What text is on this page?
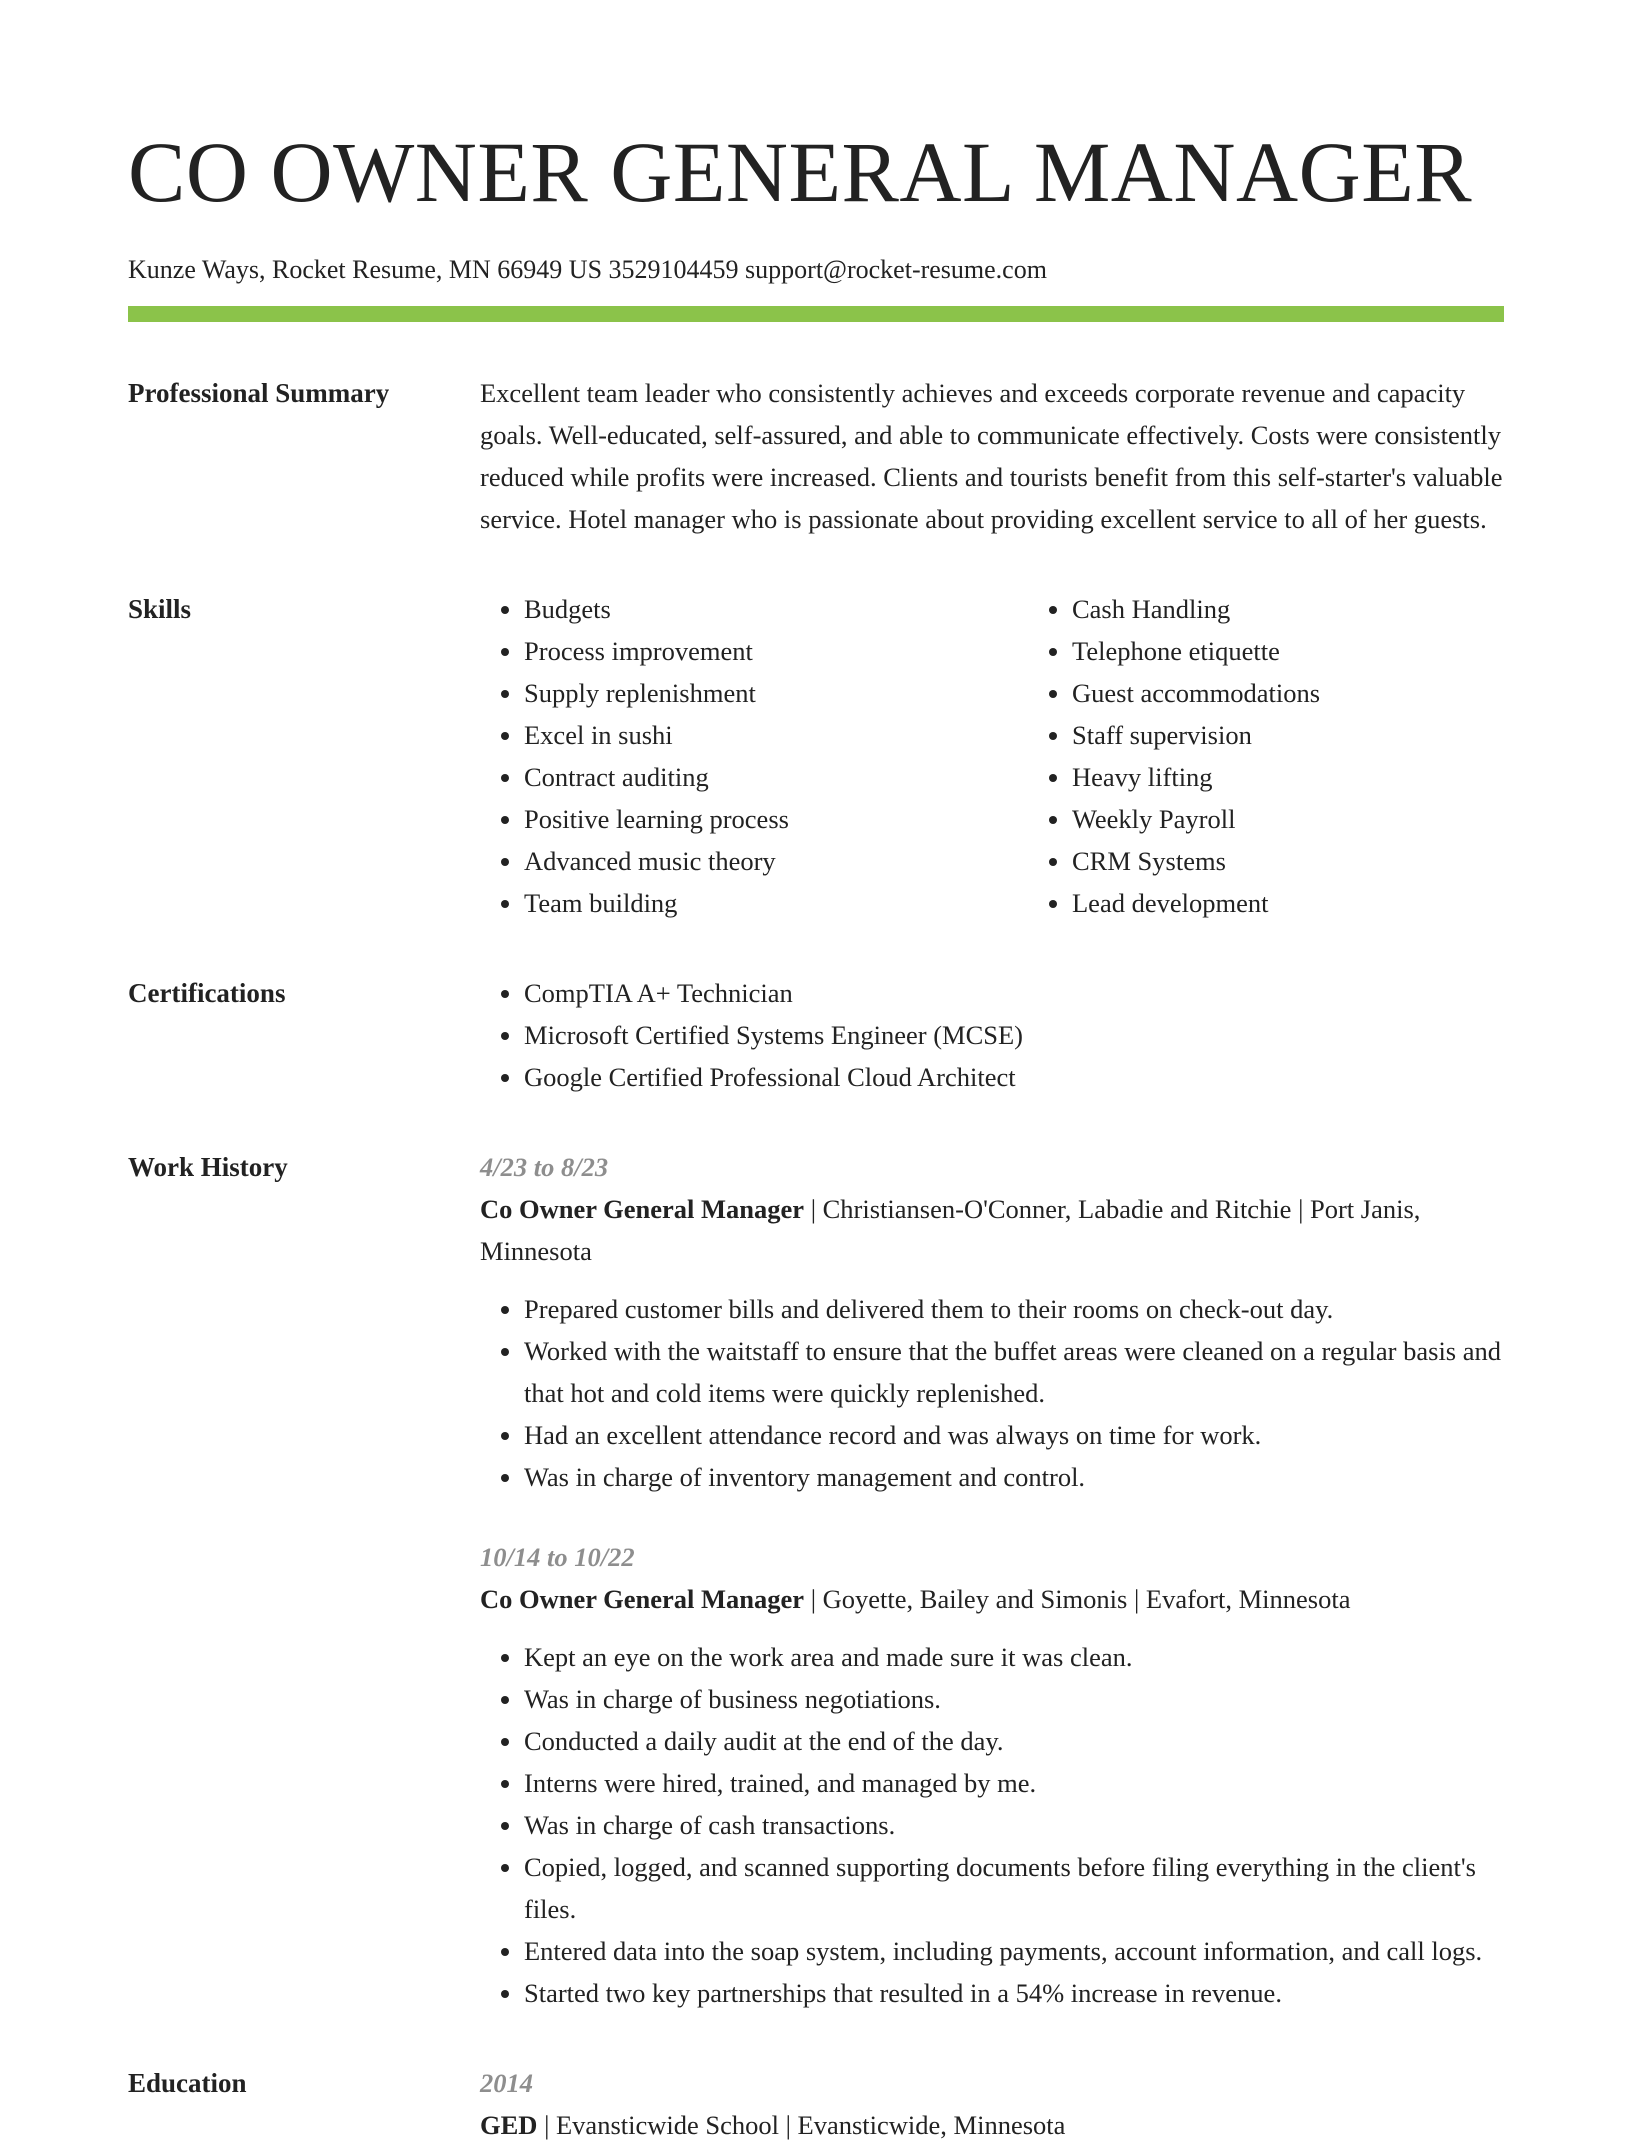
CO OWNER GENERAL MANAGER
Kunze Ways, Rocket Resume, MN 66949 US 3529104459 support@rocket-resume.com
Professional Summary	Excellent team leader who consistently achieves and exceeds corporate revenue and capacity goals. Well-educated, self-assured, and able to communicate effectively. Costs were consistently reduced while profits were increased. Clients and tourists benefit from this self-starter's valuable service. Hotel manager who is passionate about providing excellent service to all of her guests.

Skills	• Budgets
• Process improvement
• Supply replenishment
• Excel in sushi
• Contract auditing
• Positive learning process
• Advanced music theory
• Team building
• Cash Handling
• Telephone etiquette
• Guest accommodations
• Staff supervision
• Heavy lifting
• Weekly Payroll
• CRM Systems
• Lead development
Certifications	• CompTIA A+ Technician
• Microsoft Certified Systems Engineer (MCSE)
• Google Certified Professional Cloud Architect
Work History	4/23 to 8/23
Co Owner General Manager | Christiansen-O'Conner, Labadie and Ritchie | Port Janis, Minnesota
• Prepared customer bills and delivered them to their rooms on check-out day.
• Worked with the waitstaff to ensure that the buffet areas were cleaned on a regular basis and that hot and cold items were quickly replenished.
• Had an excellent attendance record and was always on time for work.
• Was in charge of inventory management and control.
10/14 to 10/22
Co Owner General Manager | Goyette, Bailey and Simonis | Evafort, Minnesota
• Kept an eye on the work area and made sure it was clean.
• Was in charge of business negotiations.
• Conducted a daily audit at the end of the day.
• Interns were hired, trained, and managed by me.
• Was in charge of cash transactions.
• Copied, logged, and scanned supporting documents before filing everything in the client's files.
• Entered data into the soap system, including payments, account information, and call logs.
• Started two key partnerships that resulted in a 54% increase in revenue.
Education	2014
GED | Evansticwide School | Evansticwide, Minnesota
